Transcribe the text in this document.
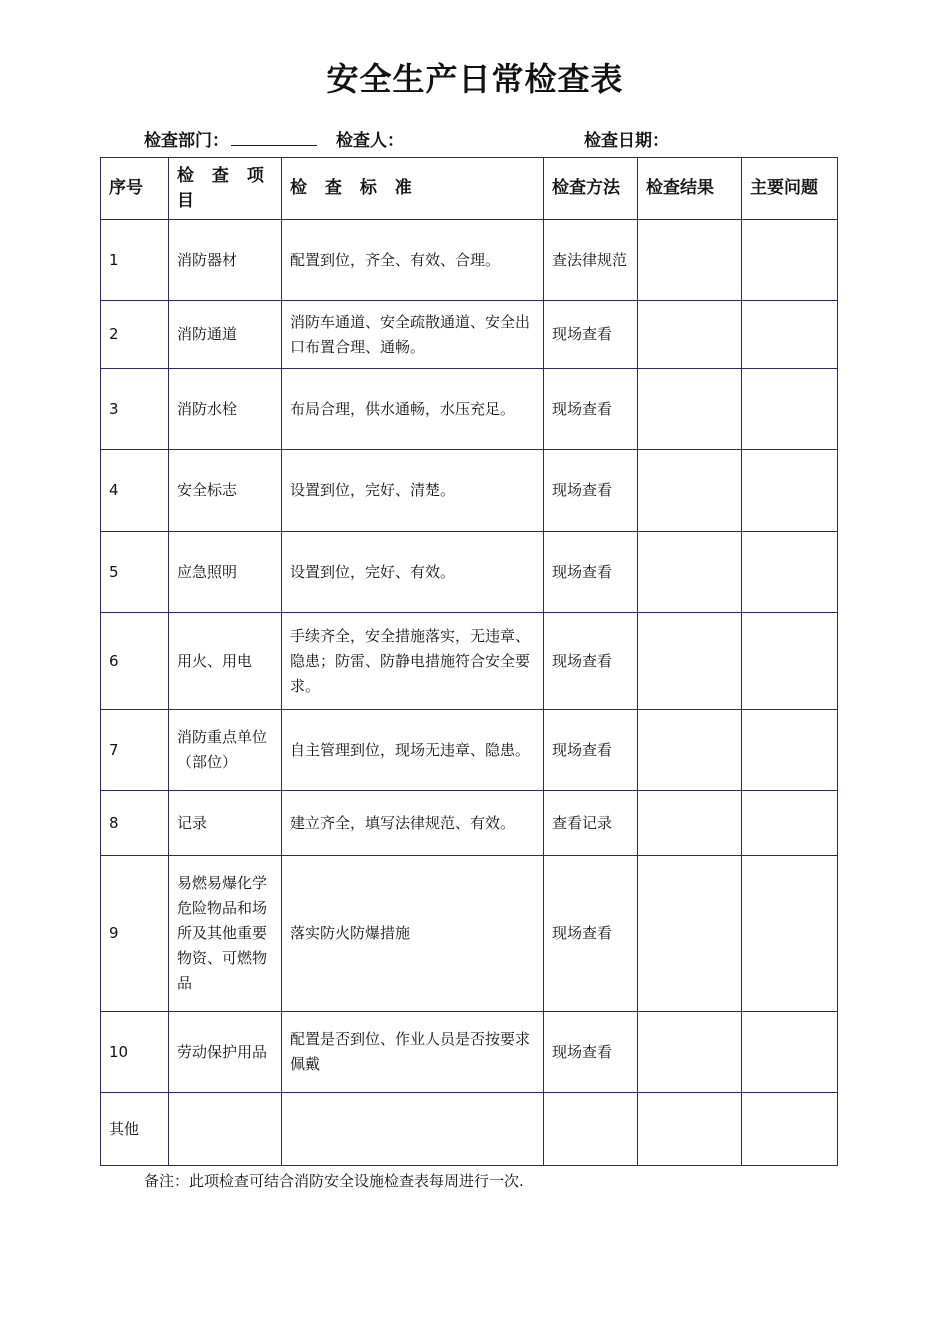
安全生产日常检查表
检查部门：	检查人：	检查日期：
序号	检 查 项 目	检 查 标 准	检查方法	检查结果	主要问题
1	消防器材	配置到位，齐全、有效、合理。	查法律规范		
2	消防通道	消防车通道、安全疏散通道、安全出口布置合理、通畅。	现场查看		
3	消防水栓	布局合理，供水通畅，水压充足。	现场查看		
4	安全标志	设置到位，完好、清楚。	现场查看		
5	应急照明	设置到位，完好、有效。	现场查看		
6	用火、用电	手续齐全，安全措施落实，无违章、隐患；防雷、防静电措施符合安全要求。	现场查看		
7	消防重点单位（部位）	自主管理到位，现场无违章、隐患。	现场查看		
8	记录	建立齐全，填写法律规范、有效。	查看记录		
9	易燃易爆化学危险物品和场所及其他重要物资、可燃物品	落实防火防爆措施	现场查看		
10	劳动保护用品	配置是否到位、作业人员是否按要求佩戴	现场查看		
其他					
备注：此项检查可结合消防安全设施检查表每周进行一次.
